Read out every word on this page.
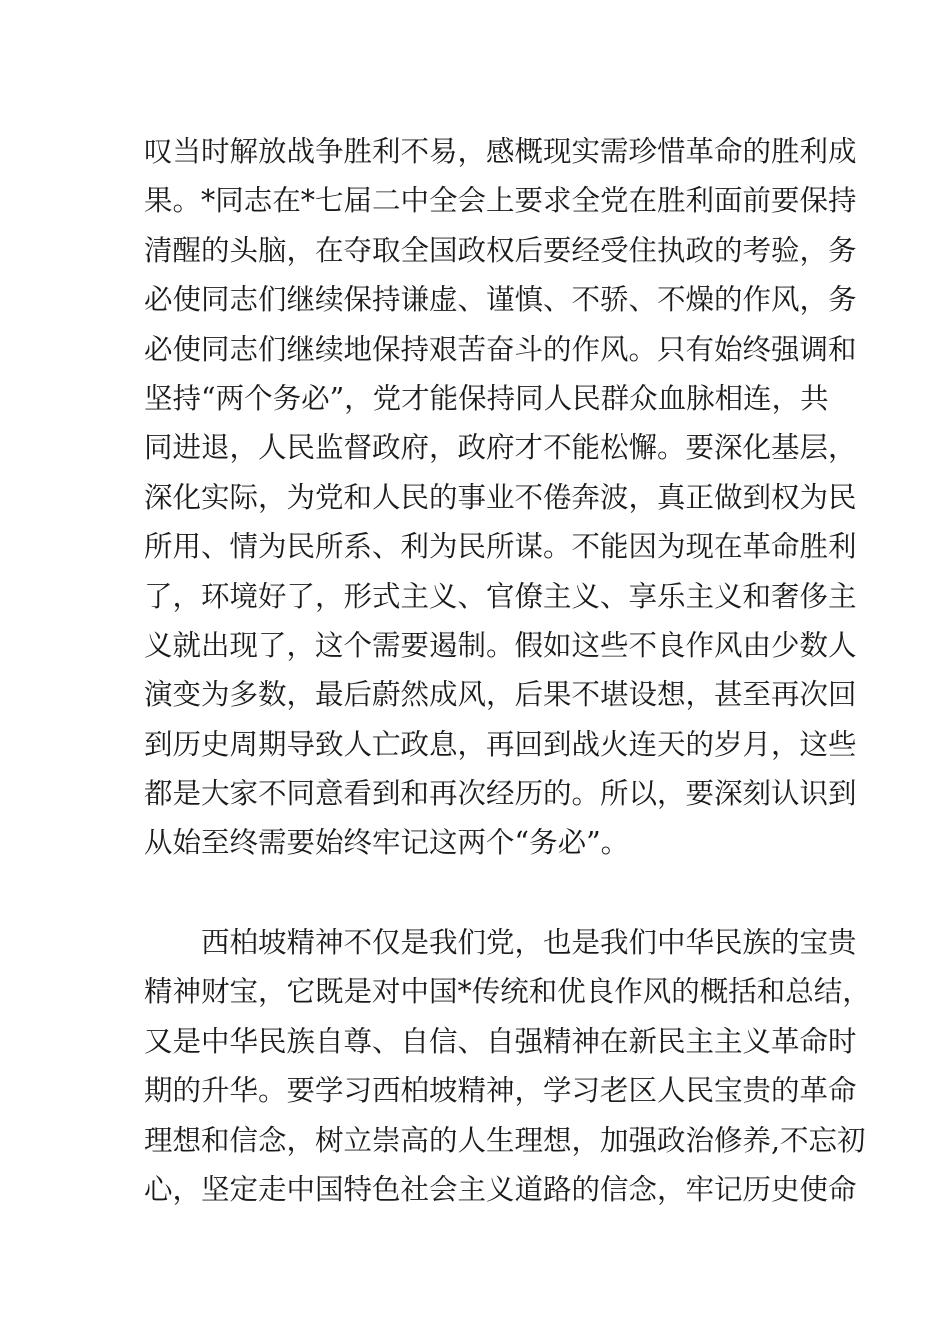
叹当时解放战争胜利不易，感概现实需珍惜革命的胜利成
果。*同志在*七届二中全会上要求全党在胜利面前要保持
清醒的头脑，在夺取全国政权后要经受住执政的考验，务
必使同志们继续保持谦虚、谨慎、不骄、不燥的作风，务
必使同志们继续地保持艰苦奋斗的作风。只有始终强调和
坚持“两个务必”，党才能保持同人民群众血脉相连，共
同进退，人民监督政府，政府才不能松懈。要深化基层，
深化实际，为党和人民的事业不倦奔波，真正做到权为民
所用、情为民所系、利为民所谋。不能因为现在革命胜利
了，环境好了，形式主义、官僚主义、享乐主义和奢侈主
义就出现了，这个需要遏制。假如这些不良作风由少数人
演变为多数，最后蔚然成风，后果不堪设想，甚至再次回
到历史周期导致人亡政息，再回到战火连天的岁月，这些
都是大家不同意看到和再次经历的。所以，要深刻认识到
从始至终需要始终牢记这两个“务必”。
　　西柏坡精神不仅是我们党，也是我们中华民族的宝贵
精神财宝，它既是对中国*传统和优良作风的概括和总结，
又是中华民族自尊、自信、自强精神在新民主主义革命时
期的升华。要学习西柏坡精神，学习老区人民宝贵的革命
理想和信念，树立崇高的人生理想，加强政治修养,不忘初
心，坚定走中国特色社会主义道路的信念，牢记历史使命
